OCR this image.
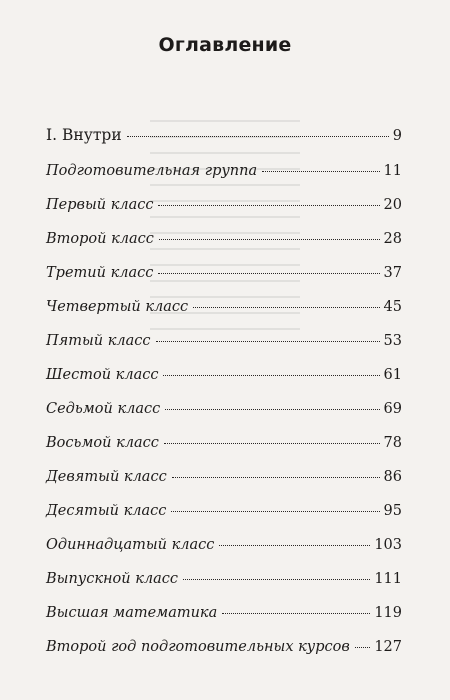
Оглавление
I. Внутри	9
Подготовительная группа	11
Первый класс	20
Второй класс	28
Третий класс	37
Четвертый класс	45
Пятый класс	53
Шестой класс	61
Седьмой класс	69
Восьмой класс	78
Девятый класс	86
Десятый класс	95
Одиннадцатый класс	103
Выпускной класс	111
Высшая математика	119
Второй год подготовительных курсов 127
